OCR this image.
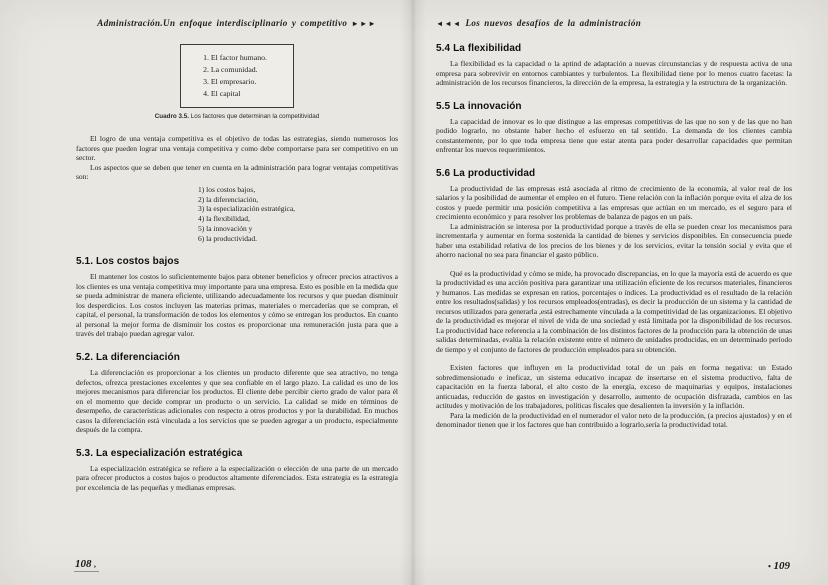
Administración.Un enfoque interdisciplinario y competitivo ►►►
1. El factor humano.
2. La comunidad.
3. El empresario.
4. El capital
Cuadro 3.5. Los factores que determinan la competitividad

El logro de una ventaja competitiva es el objetivo de todas las estrategias, siendo numerosos los factores que pueden lograr una ventaja competitiva y como debe comportarse para ser competitivo en un sector.

Los aspectos que se deben que tener en cuenta en la administración para lograr ventajas competitivas son:

1) los costos bajos,
2) la diferenciación,
3) la especialización estratégica,
4) la flexibilidad,
5) la innovación y
6) la productividad.
5.1. Los costos bajos

El mantener los costos lo suficientemente bajos para obtener beneficios y ofrecer precios atractivos a los clientes es una ventaja competitiva muy importante para una empresa. Esto es posible en la medida que se pueda administrar de manera eficiente, utilizando adecuadamente los recursos y que puedan disminuir los desperdicios. Los costos incluyen las materias primas, materiales o mercaderías que se compran, el capital, el personal, la transformación de todos los elementos y cómo se entregan los productos. En cuanto al personal la mejor forma de disminuir los costos es proporcionar una remuneración justa para que a través del trabajo puedan agregar valor.

5.2. La diferenciación

La diferenciación es proporcionar a los clientes un producto diferente que sea atractivo, no tenga defectos, ofrezca prestaciones excelentes y que sea confiable en el largo plazo. La calidad es uno de los mejores mecanismos para diferenciar los productos. El cliente debe percibir cierto grado de valor para él en el momento que decide comprar un producto o un servicio. La calidad se mide en términos de desempeño, de características adicionales con respecto a otros productos y por la durabilidad. En muchos casos la diferenciación está vinculada a los servicios que se pueden agregar a un producto, especialmente después de la compra.

5.3. La especialización estratégica

La especialización estratégica se refiere a la especialización o elección de una parte de un mercado para ofrecer productos a costos bajos o productos altamente diferenciados. Esta estrategia es la estrategia por excelencia de las pequeñas y medianas empresas.

108 ,
◄◄◄ Los nuevos desafíos de la administración
5.4 La flexibilidad

La flexibilidad es la capacidad o la aptind de adaptación a nuevas circunstancias y de respuesta activa de una empresa para sobrevivir en entornos cambiantes y turbulentos. La flexibilidad tiene por lo menos cuatro facetas: la administración de los recursos financieros, la dirección de la empresa, la estrategia y la estructura de la organización.

5.5 La innovación

La capacidad de innovar es lo que distingue a las empresas competitivas de las que no son y de las que no han podido lograrlo, no obstante haber hecho el esfuerzo en tal sentido. La demanda de los clientes cambia constantemente, por lo que toda empresa tiene que estar atenta para poder desarrollar capacidades que permitan enfrentar los nuevos requerimientos.

5.6 La productividad

La productividad de las empresas está asociada al ritmo de crecimiento de la economía, al valor real de los salarios y la posibilidad de aumentar el empleo en el futuro. Tiene relación con la inflación porque evita el alza de los costos y puede permitir una posición competitiva a las empresas que actúan en un mercado, es el seguro para el crecimiento económico y para resolver los problemas de balanza de pagos en un país.

La administración se interesa por la productividad porque a través de ella se pueden crear los mecanismos para incrementarla y aumentar en forma sostenida la cantidad de bienes y servicios disponibles. En consecuencia puede haber una estabilidad relativa de los precios de los bienes y de los servicios, evitar la tensión social y evita que el ahorro nacional no sea para financiar el gasto público.

Qué es la productividad y cómo se mide, ha provocado discrepancias, en lo que la mayoría está de acuerdo es que la productividad es una acción positiva para garantizar una utilización eficiente de los recursos materiales, financieros y humanos. Las medidas se expresan en ratios, porcentajes o índices. La productividad es el resultado de la relación entre los resultados(salidas) y los recursos empleados(entradas), es decir la producción de un sistema y la cantidad de recursos utilizados para generarla ,está estrechamente vinculada a la competitividad de las organizaciones. El objetivo de la productividad es mejorar el nivel de vida de una sociedad y está limitada por la disponibilidad de los recursos. La productividad hace referencia a la combinación de los distintos factores de la producción para la obtención de unas salidas determinadas, evalúa la relación existente entre el número de unidades producidas, en un determinado período de tiempo y el conjunto de factores de producción empleados para su obtención.

Existen factores que influyen en la productividad total de un país en forma negativa: un Estado sobredimensionado e ineficaz, un sistema educativo incapaz de insertarse en el sistema productivo, falta de capacitación en la fuerza laboral, el alto costo de la energía, exceso de maquinarias y equipos, instalaciones anticuadas, reducción de gastos en investigación y desarrollo, aumento de ocupación disfrazada, cambios en las actitudes y motivación de los trabajadores, políticas fiscales que desalienten la inversión y la inflación.

Para la medición de la productividad en el numerador el valor neto de la producción, (a precios ajustados) y en el denominador tienen que ir los factores que han contribuido a lograrlo,sería la productividad total.

• 109
